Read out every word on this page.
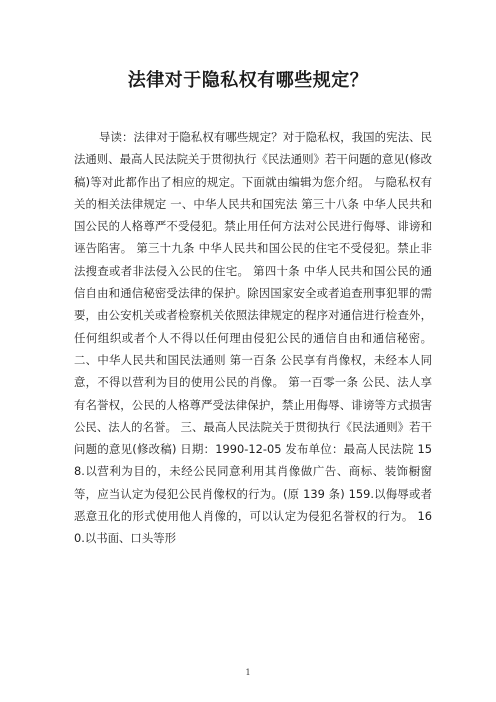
法律对于隐私权有哪些规定？
导读：法律对于隐私权有哪些规定？对于隐私权，我国的宪法、民法通则、最高人民法院关于贯彻执行《民法通则》若干问题的意见(修改稿)等对此都作出了相应的规定。下面就由编辑为您介绍。 与隐私权有关的相关法律规定 一、中华人民共和国宪法 第三十八条 中华人民共和国公民的人格尊严不受侵犯。禁止用任何方法对公民进行侮辱、诽谤和诬告陷害。 第三十九条 中华人民共和国公民的住宅不受侵犯。禁止非法搜查或者非法侵入公民的住宅。 第四十条 中华人民共和国公民的通信自由和通信秘密受法律的保护。除因国家安全或者追查刑事犯罪的需要，由公安机关或者检察机关依照法律规定的程序对通信进行检查外，任何组织或者个人不得以任何理由侵犯公民的通信自由和通信秘密。二、中华人民共和国民法通则 第一百条 公民享有肖像权，未经本人同意，不得以营利为目的使用公民的肖像。 第一百零一条 公民、法人享有名誉权，公民的人格尊严受法律保护，禁止用侮辱、诽谤等方式损害公民、法人的名誉。 三、最高人民法院关于贯彻执行《民法通则》若干问题的意见(修改稿) 日期：1990-12-05 发布单位：最高人民法院 158.以营利为目的，未经公民同意利用其肖像做广告、商标、装饰橱窗等，应当认定为侵犯公民肖像权的行为。(原 139 条) 159.以侮辱或者恶意丑化的形式使用他人肖像的，可以认定为侵犯名誉权的行为。 160.以书面、口头等形
1
